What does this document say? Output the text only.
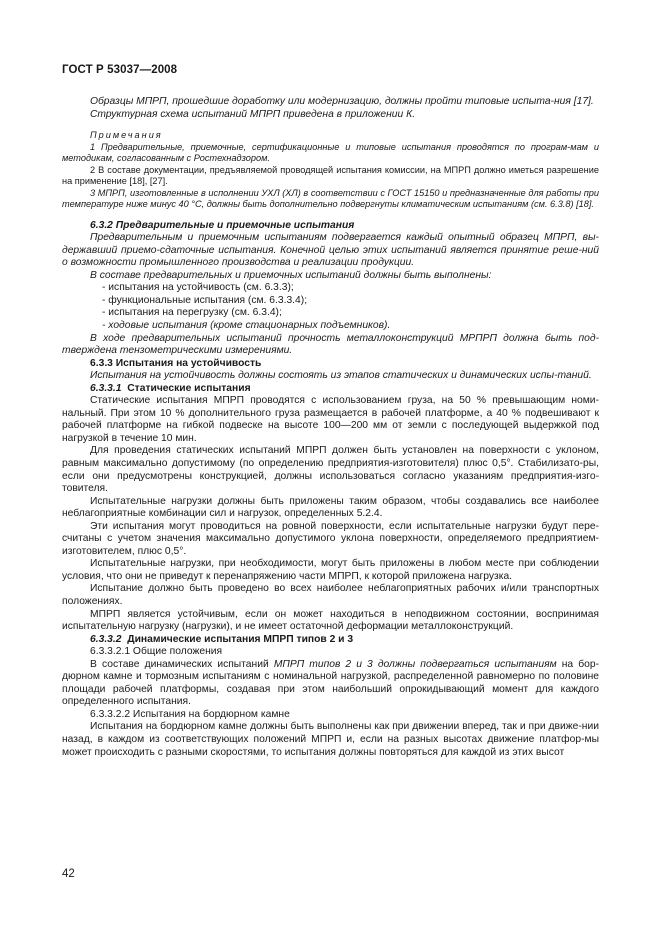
ГОСТ Р 53037—2008

Образцы МПРП, прошедшие доработку или модернизацию, должны пройти типовые испыта-ния [17].

Структурная схема испытаний МПРП приведена в приложении К.

Примечания

1 Предварительные, приемочные, сертификационные и типовые испытания проводятся по програм-мам и методикам, согласованным с Ростехнадзором.

2 В составе документации, предъявляемой проводящей испытания комиссии, на МПРП должно иметься разрешение на применение [18], [27].

3 МПРП, изготовленные в исполнении УХЛ (ХЛ) в соответствии с ГОСТ 15150 и предназначенные для работы при температуре ниже минус 40 °С, должны быть дополнительно подвергнуты климатическим испытаниям (см. 6.3.8) [18].

6.3.2 Предварительные и приемочные испытания

Предварительным и приемочным испытаниям подвергается каждый опытный образец МПРП, вы-державший приемо-сдаточные испытания. Конечной целью этих испытаний является принятие реше-ний о возможности промышленного производства и реализации продукции.

В составе предварительных и приемочных испытаний должны быть выполнены:

- испытания на устойчивость (см. 6.3.3);

- функциональные испытания (см. 6.3.3.4);

- испытания на перегрузку (см. 6.3.4);

- ходовые испытания (кроме стационарных подъемников).

В ходе предварительных испытаний прочность металлоконструкций МРПРП должна быть под-тверждена тензометрическими измерениями.

6.3.3 Испытания на устойчивость

Испытания на устойчивость должны состоять из этапов статических и динамических испы-таний.

6.3.3.1 Статические испытания

Статические испытания МПРП проводятся с использованием груза, на 50 % превышающим номи-нальный. При этом 10 % дополнительного груза размещается в рабочей платформе, а 40 % подвешивают к рабочей платформе на гибкой подвеске на высоте 100—200 мм от земли с последующей выдержкой под нагрузкой в течение 10 мин.

Для проведения статических испытаний МПРП должен быть установлен на поверхности с уклоном, равным максимально допустимому (по определению предприятия-изготовителя) плюс 0,5°. Стабилизато-ры, если они предусмотрены конструкцией, должны использоваться согласно указаниям предприятия-изго-товителя.

Испытательные нагрузки должны быть приложены таким образом, чтобы создавались все наиболее неблагоприятные комбинации сил и нагрузок, определенных 5.2.4.

Эти испытания могут проводиться на ровной поверхности, если испытательные нагрузки будут пере-считаны с учетом значения максимально допустимого уклона поверхности, определяемого предприятием-изготовителем, плюс 0,5°.

Испытательные нагрузки, при необходимости, могут быть приложены в любом месте при соблюдении условия, что они не приведут к перенапряжению части МПРП, к которой приложена нагрузка.

Испытание должно быть проведено во всех наиболее неблагоприятных рабочих и/или транспортных положениях.

МПРП является устойчивым, если он может находиться в неподвижном состоянии, воспринимая испытательную нагрузку (нагрузки), и не имеет остаточной деформации металлоконструкций.

6.3.3.2 Динамические испытания МПРП типов 2 и 3

6.3.3.2.1 Общие положения

В составе динамических испытаний МПРП типов 2 и 3 должны подвергаться испытаниям на бор-дюрном камне и тормозным испытаниям с номинальной нагрузкой, распределенной равномерно по половине площади рабочей платформы, создавая при этом наибольший опрокидывающий момент для каждого определенного испытания.

6.3.3.2.2 Испытания на бордюрном камне

Испытания на бордюрном камне должны быть выполнены как при движении вперед, так и при движе-нии назад, в каждом из соответствующих положений МПРП и, если на разных высотах движение платфор-мы может происходить с разными скоростями, то испытания должны повторяться для каждой из этих высот

42
